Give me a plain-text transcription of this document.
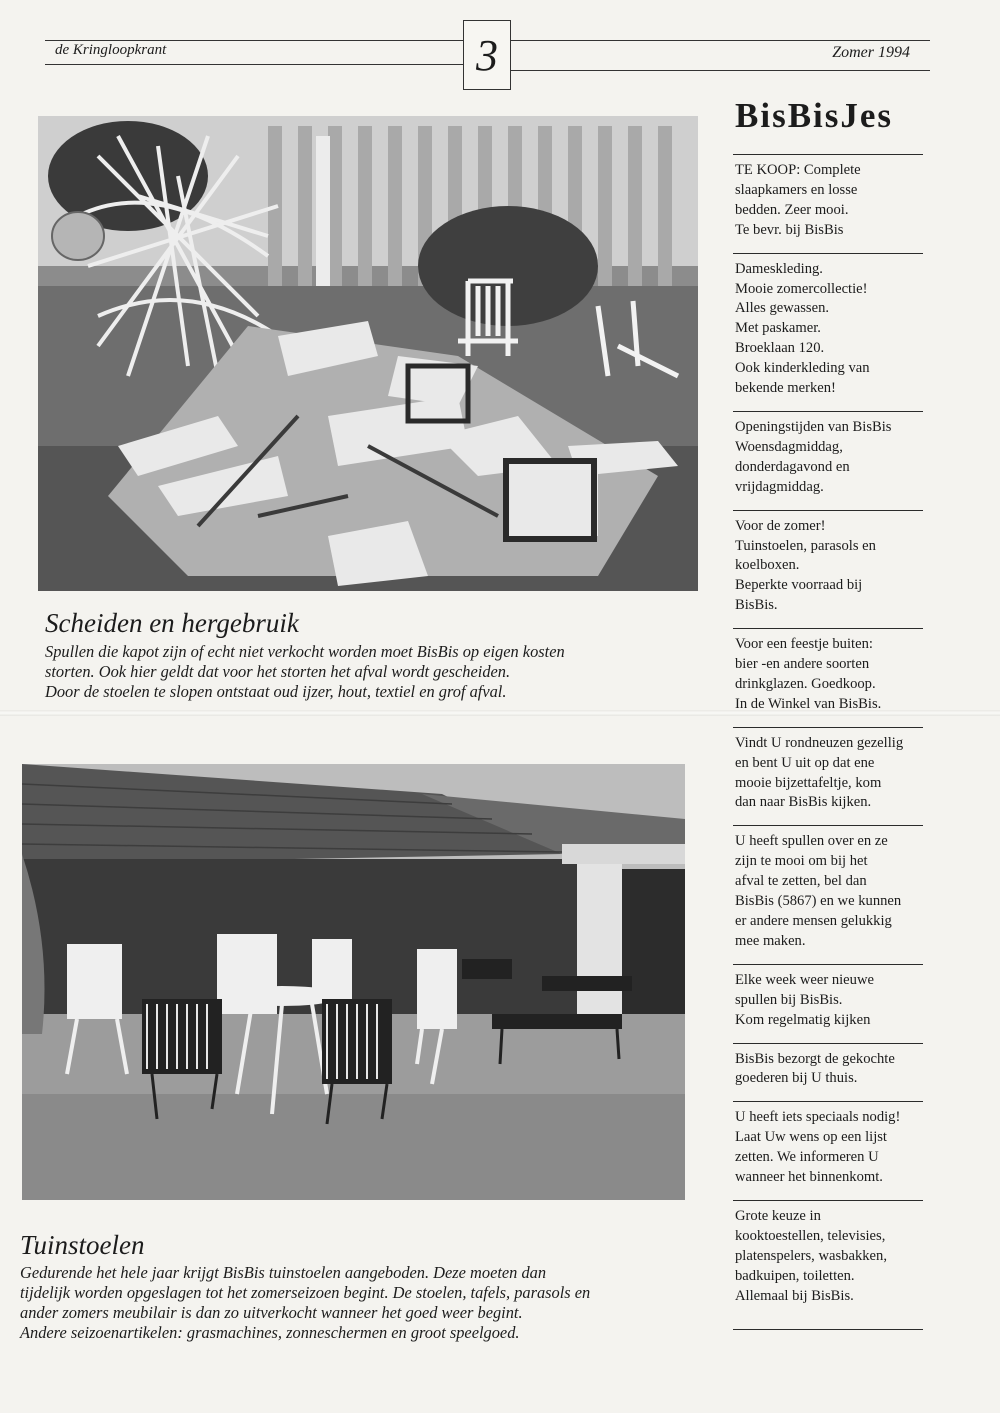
de Kringloopkrant	3	Zomer 1994
Scheiden en hergebruik
Spullen die kapot zijn of echt niet verkocht worden moet BisBis op eigen kosten
storten. Ook hier geldt dat voor het storten het afval wordt gescheiden.
Door de stoelen te slopen ontstaat oud ijzer, hout, textiel en grof afval.
Tuinstoelen
Gedurende het hele jaar krijgt BisBis tuinstoelen aangeboden. Deze moeten dan
tijdelijk worden opgeslagen tot het zomerseizoen begint. De stoelen, tafels, parasols en
ander zomers meubilair is dan zo uitverkocht wanneer het goed weer begint.
Andere seizoenartikelen: grasmachines, zonneschermen en groot speelgoed.
BisBisJes
TE KOOP: Complete
slaapkamers en losse
bedden. Zeer mooi.
Te bevr. bij BisBis
Dameskleding.
Mooie zomercollectie!
Alles gewassen.
Met paskamer.
Broeklaan 120.
Ook kinderkleding van
bekende merken!
Openingstijden van BisBis
Woensdagmiddag,
donderdagavond en
vrijdagmiddag.
Voor de zomer!
Tuinstoelen, parasols en
koelboxen.
Beperkte voorraad bij
BisBis.
Voor een feestje buiten:
bier -en andere soorten
drinkglazen. Goedkoop.
In de Winkel van BisBis.
Vindt U rondneuzen gezellig
en bent U uit op dat ene
mooie bijzettafeltje, kom
dan naar BisBis kijken.
U heeft spullen over en ze
zijn te mooi om bij het
afval te zetten, bel dan
BisBis (5867) en we kunnen
er andere mensen gelukkig
mee maken.
Elke week weer nieuwe
spullen bij BisBis.
Kom regelmatig kijken
BisBis bezorgt de gekochte
goederen bij U thuis.
U heeft iets speciaals nodig!
Laat Uw wens op een lijst
zetten. We informeren U
wanneer het binnenkomt.
Grote keuze in
kooktoestellen, televisies,
platenspelers, wasbakken,
badkuipen, toiletten.
Allemaal bij BisBis.
